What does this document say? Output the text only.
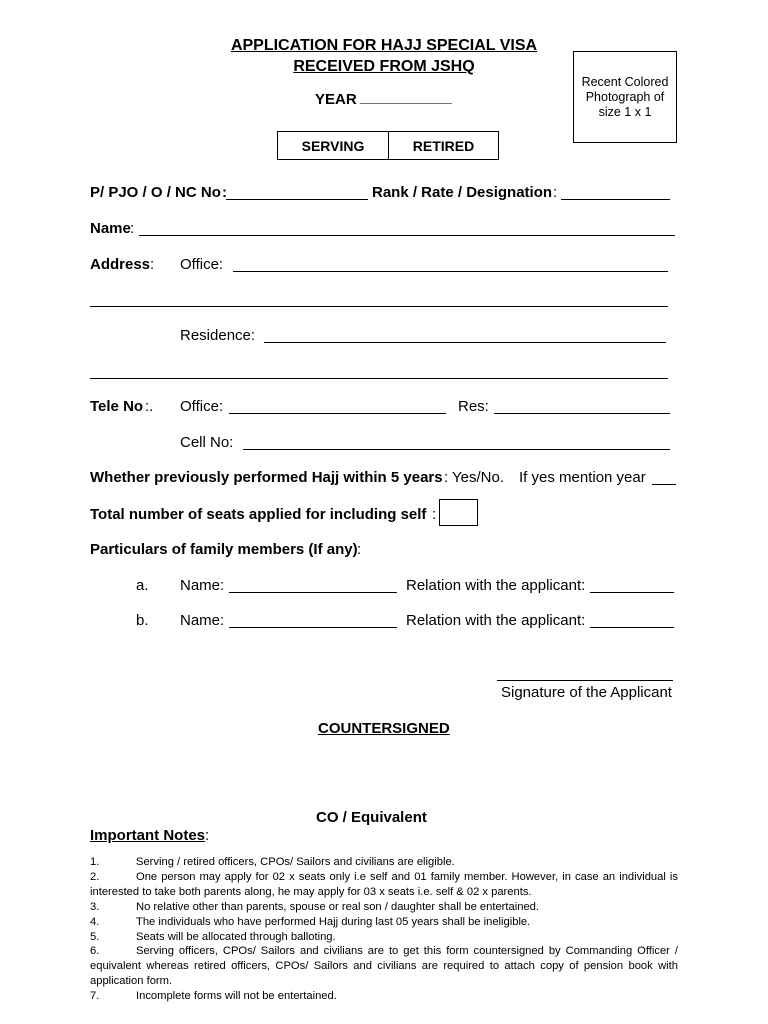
APPLICATION FOR HAJJ SPECIAL VISA
RECEIVED FROM JSHQ
YEAR ___________
Recent Colored Photograph of size 1 x 1
SERVING	RETIRED
P/ PJO / O / NC No :	Rank / Rate / Designation :
Name :
Address : Office:
Residence:
Tele No :. Office:	Res:
Cell No:
Whether previously performed Hajj within 5 years : Yes/No. If yes mention year
Total number of seats applied for including self :
Particulars of family members (If any) :
a. Name:	Relation with the applicant:
b. Name:	Relation with the applicant:
Signature of the Applicant
COUNTERSIGNED
CO / Equivalent
Important Notes:
1.	Serving / retired officers, CPOs/ Sailors and civilians are eligible.
2.	One person may apply for 02 x seats only i.e self and 01 family member. However, in case an individual is interested to take both parents along, he may apply for 03 x seats i.e. self & 02 x parents.
3.	No relative other than parents, spouse or real son / daughter shall be entertained.
4.	The individuals who have performed Hajj during last 05 years shall be ineligible.
5.	Seats will be allocated through balloting.
6.	Serving officers, CPOs/ Sailors and civilians are to get this form countersigned by Commanding Officer / equivalent whereas retired officers, CPOs/ Sailors and civilians are required to attach copy of pension book with application form.
7.	Incomplete forms will not be entertained.
